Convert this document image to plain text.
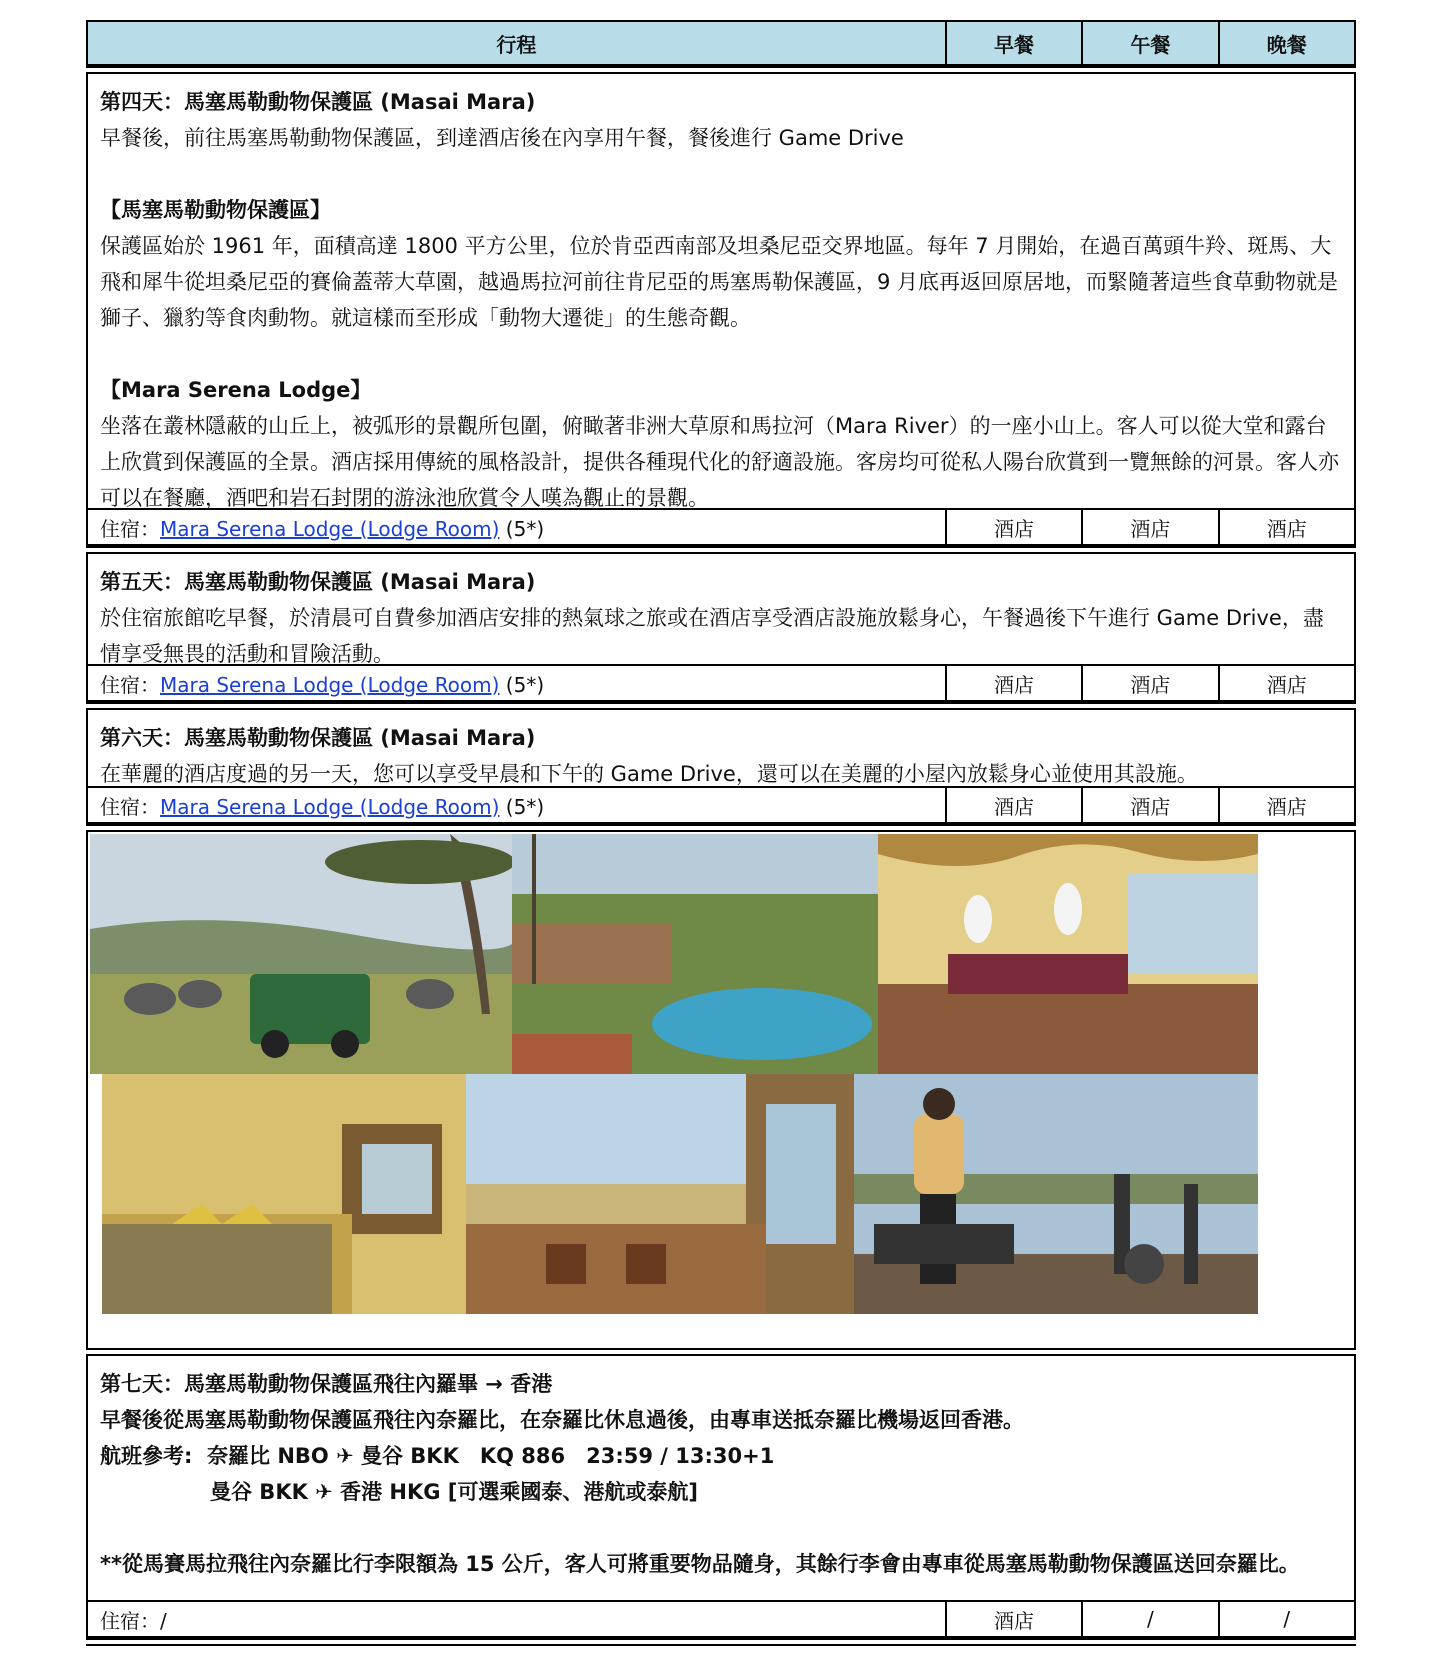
行程	早餐	午餐	晚餐

第四天：馬塞馬勒動物保護區 (Masai Mara)

早餐後，前往馬塞馬勒動物保護區，到達酒店後在內享用午餐，餐後進行 Game Drive

【馬塞馬勒動物保護區】

保護區始於 1961 年，面積高達 1800 平方公里，位於肯亞西南部及坦桑尼亞交界地區。每年 7 月開始，在過百萬頭牛羚、斑馬、大飛和犀牛從坦桑尼亞的賽倫蓋蒂大草園，越過馬拉河前往肯尼亞的馬塞馬勒保護區，9 月底再返回原居地，而緊隨著這些食草動物就是獅子、獵豹等食肉動物。就這樣而至形成「動物大遷徙」的生態奇觀。

【Mara Serena Lodge】

坐落在叢林隱蔽的山丘上，被弧形的景觀所包圍，俯瞰著非洲大草原和馬拉河（Mara River）的一座小山上。客人可以從大堂和露台上欣賞到保護區的全景。酒店採用傳統的風格設計，提供各種現代化的舒適設施。客房均可從私人陽台欣賞到一覽無餘的河景。客人亦可以在餐廳，酒吧和岩石封閉的游泳池欣賞令人嘆為觀止的景觀。

住宿：Mara Serena Lodge (Lodge Room) (5*)	酒店	酒店	酒店

第五天：馬塞馬勒動物保護區 (Masai Mara)

於住宿旅館吃早餐，於清晨可自費參加酒店安排的熱氣球之旅或在酒店享受酒店設施放鬆身心，午餐過後下午進行 Game Drive，盡情享受無畏的活動和冒險活動。

住宿：Mara Serena Lodge (Lodge Room) (5*)	酒店	酒店	酒店

第六天：馬塞馬勒動物保護區 (Masai Mara)

在華麗的酒店度過的另一天，您可以享受早晨和下午的 Game Drive，還可以在美麗的小屋內放鬆身心並使用其設施。

住宿：Mara Serena Lodge (Lodge Room) (5*)	酒店	酒店	酒店

第七天：馬塞馬勒動物保護區飛往內羅畢 → 香港

早餐後從馬塞馬勒動物保護區飛往內奈羅比，在奈羅比休息過後，由專車送抵奈羅比機場返回香港。

航班參考: 奈羅比 NBO ✈ 曼谷 BKK　KQ 886　23:59 / 13:30+1

曼谷 BKK ✈ 香港 HKG [可選乘國泰、港航或泰航]

**從馬賽馬拉飛往內奈羅比行李限額為 15 公斤，客人可將重要物品隨身，其餘行李會由專車從馬塞馬勒動物保護區送回奈羅比。

住宿：/	酒店	/	/
